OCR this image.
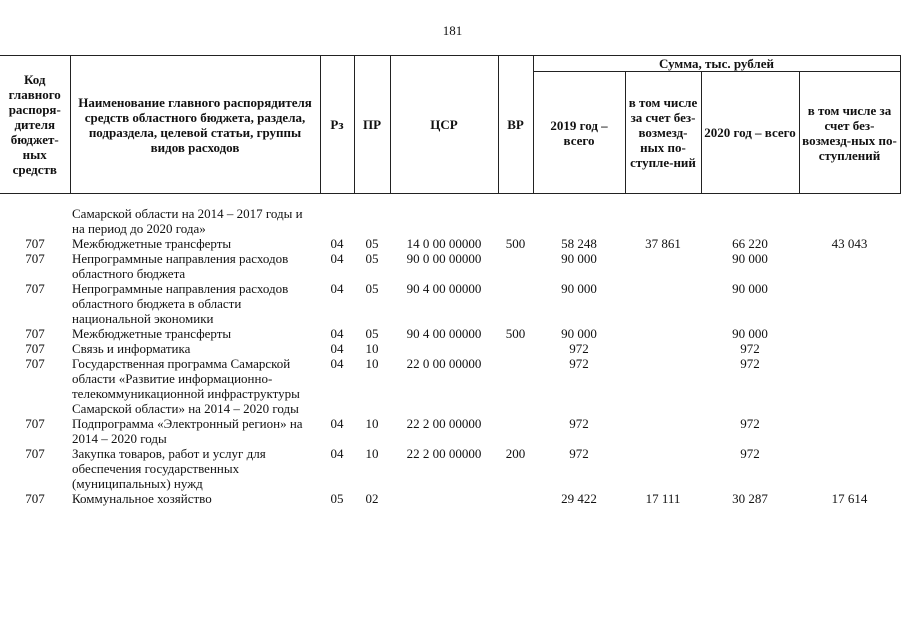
181
Код главного распоря-дителя бюджет-ных средств	Наименование главного распорядителя средств областного бюджета, раздела, подраздела, целевой статьи, группы видов расходов	Рз	ПР	ЦСР	ВР	Сумма, тыс. рублей			
						2019 год – всего	в том числе за счет без-возмезд-ных по-ступле-ний	2020 год – всего	в том числе за счет без-возмезд-ных по-ступлений

	Самарской области на 2014 – 2017 годы и на период до 2020 года»								
707	Межбюджетные трансферты	04	05	14 0 00 00000	500	58 248	37 861	66 220	43 043
707	Непрограммные направления расходов областного бюджета	04	05	90 0 00 00000		90 000		90 000	
707	Непрограммные направления расходов областного бюджета в области национальной экономики	04	05	90 4 00 00000		90 000		90 000	
707	Межбюджетные трансферты	04	05	90 4 00 00000	500	90 000		90 000	
707	Связь и информатика	04	10			972		972	
707	Государственная программа Самарской области «Развитие информационно-телекоммуникационной инфраструктуры Самарской области» на 2014 – 2020 годы	04	10	22 0 00 00000		972		972	
707	Подпрограмма «Электронный регион» на 2014 – 2020 годы	04	10	22 2 00 00000		972		972	
707	Закупка товаров, работ и услуг для обеспечения государственных (муниципальных) нужд	04	10	22 2 00 00000	200	972		972	
707	Коммунальное хозяйство	05	02			29 422	17 111	30 287	17 614
